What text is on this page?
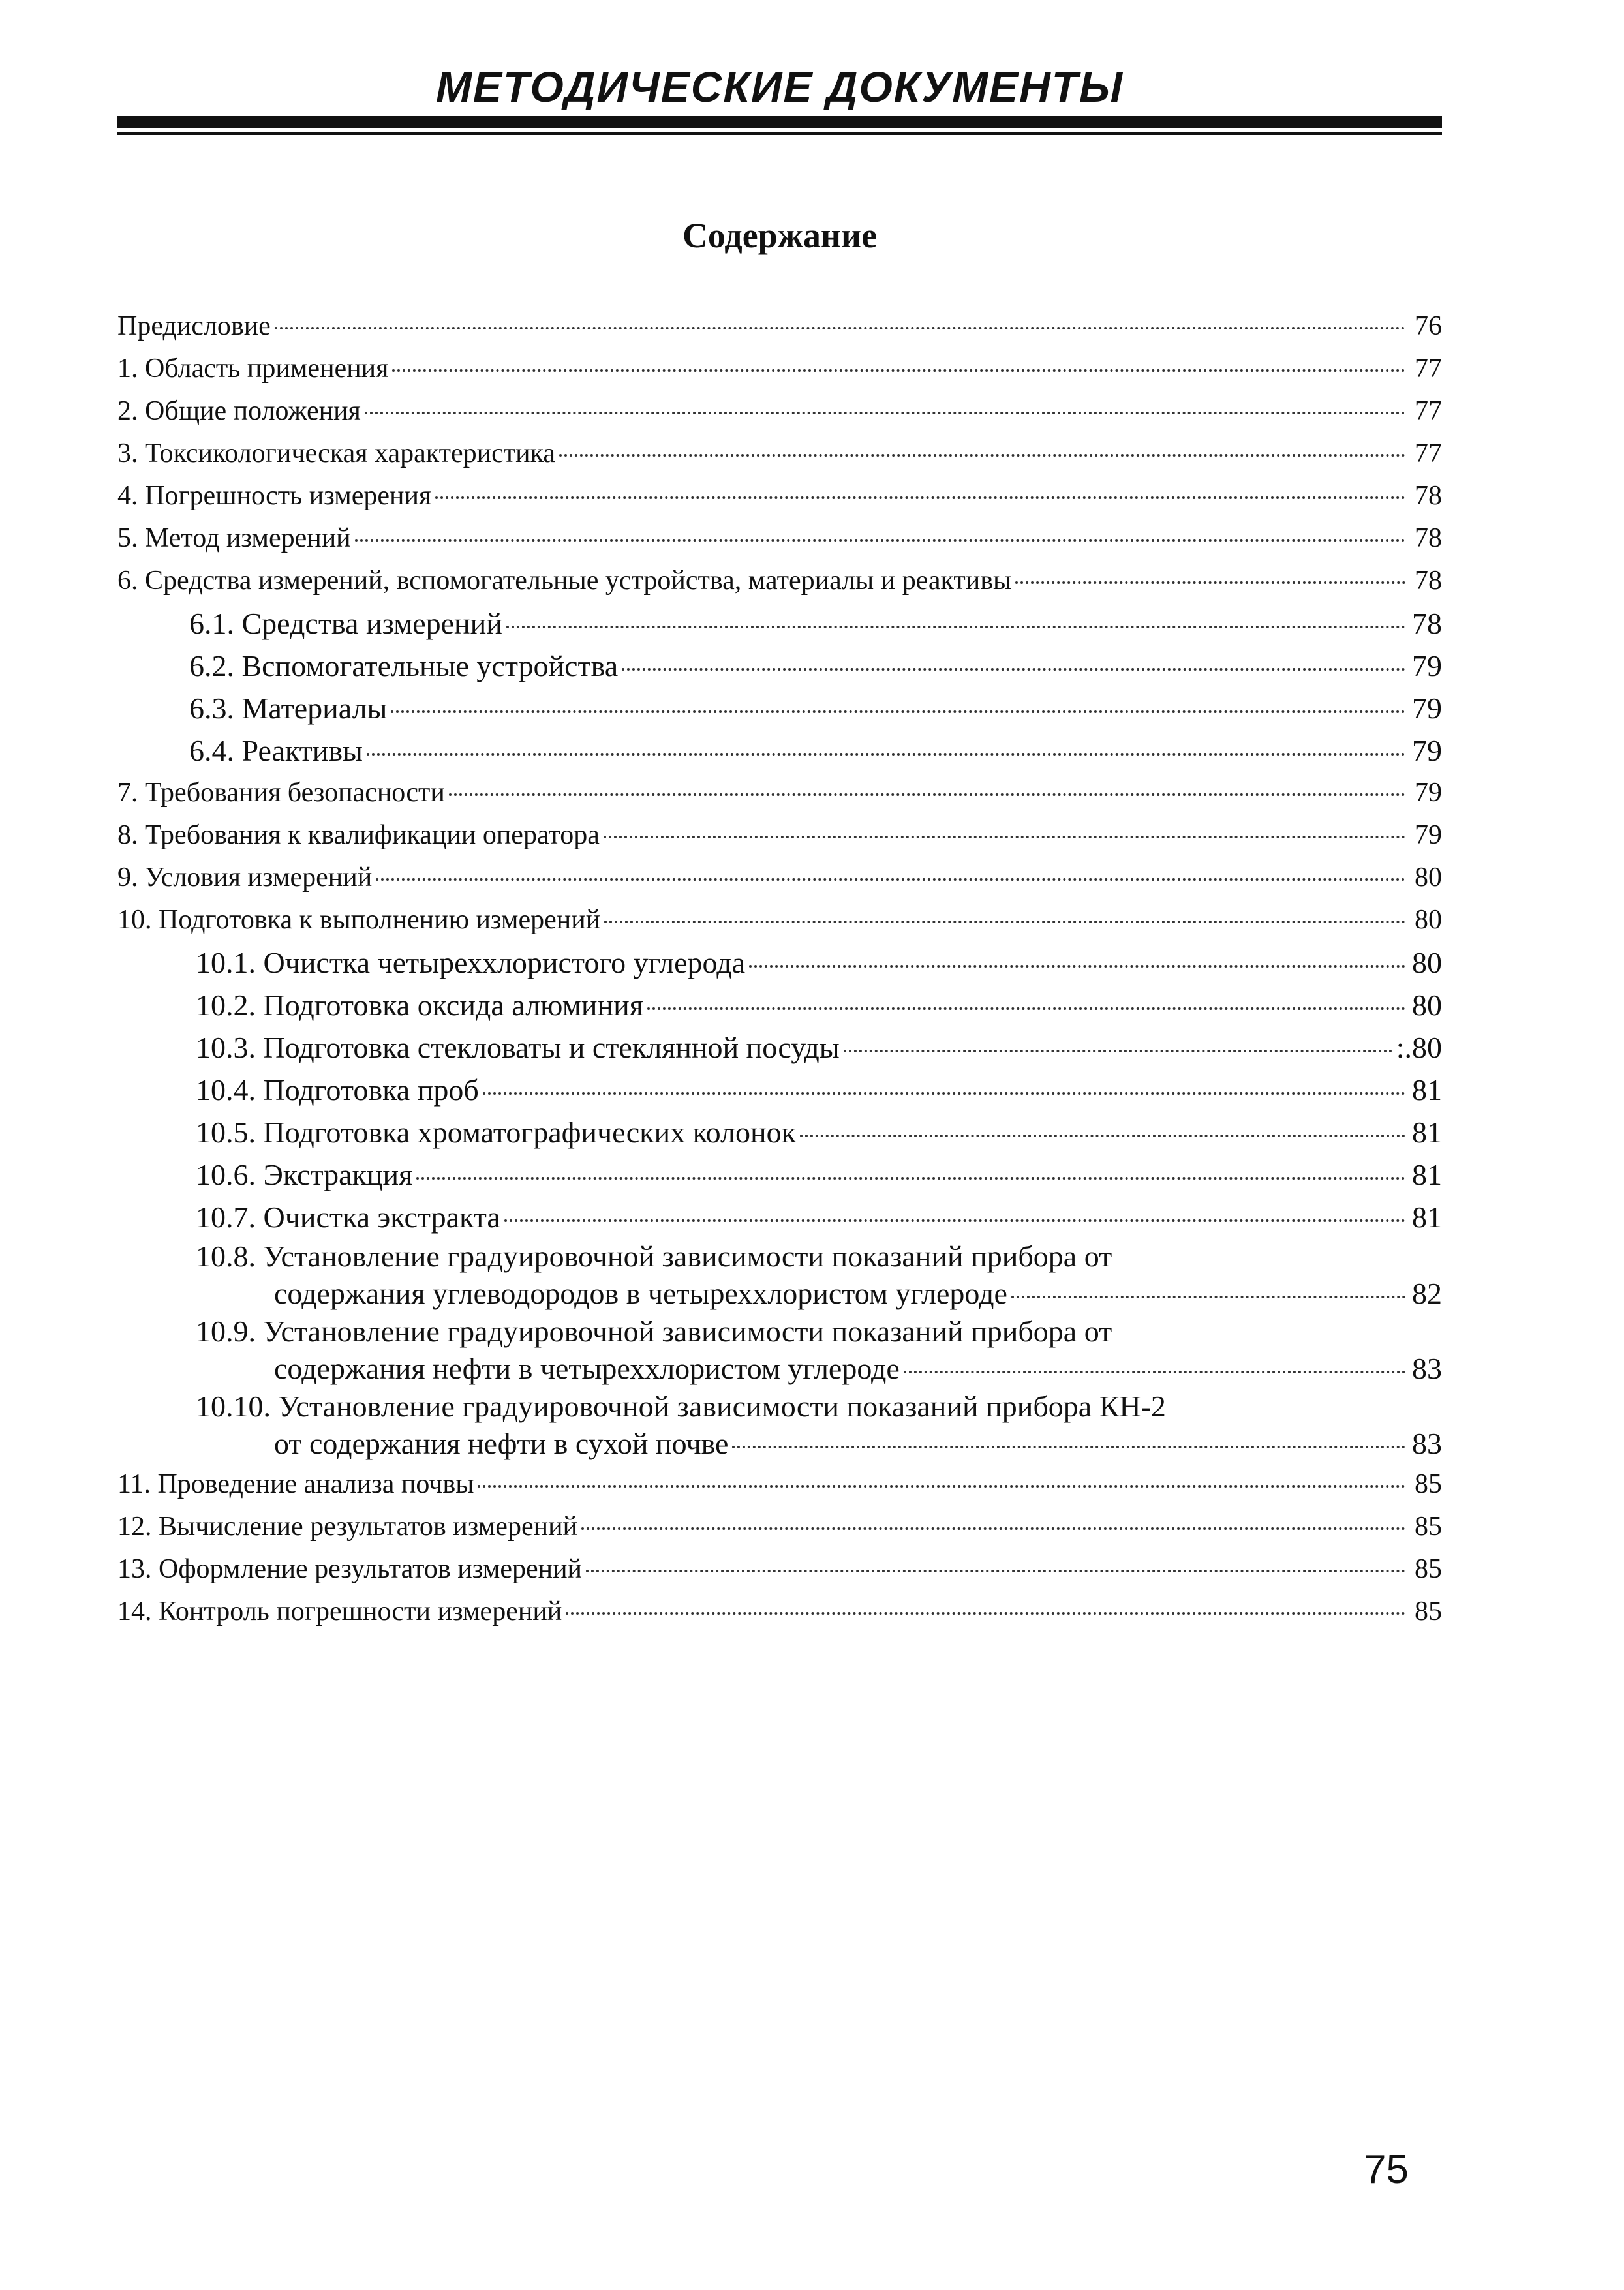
МЕТОДИЧЕСКИЕ ДОКУМЕНТЫ
Содержание
Предисловие	76
1. Область применения	77
2. Общие положения	77
3. Токсикологическая характеристика	77
4. Погрешность измерения	78
5. Метод измерений	78
6. Средства измерений, вспомогательные устройства, материалы и реактивы	78
6.1. Средства измерений	78
6.2. Вспомогательные устройства	79
6.3. Материалы	79
6.4. Реактивы	79
7. Требования безопасности	79
8. Требования к квалификации оператора	79
9. Условия измерений	80
10. Подготовка к выполнению измерений	80
10.1. Очистка четыреххлористого углерода	80
10.2. Подготовка оксида алюминия	80
10.3. Подготовка стекловаты и стеклянной посуды	:.80
10.4. Подготовка проб	81
10.5. Подготовка хроматографических колонок	81
10.6. Экстракция	81
10.7. Очистка экстракта	81
10.8. Установление градуировочной зависимости показаний прибора от
содержания углеводородов в четыреххлористом углероде	82
10.9. Установление градуировочной зависимости показаний прибора от
содержания нефти в четыреххлористом углероде	83
10.10. Установление градуировочной зависимости показаний прибора КН-2
от содержания нефти в сухой почве	83
11. Проведение анализа почвы	85
12. Вычисление результатов измерений	85
13. Оформление результатов измерений	85
14. Контроль погрешности измерений	85
75
